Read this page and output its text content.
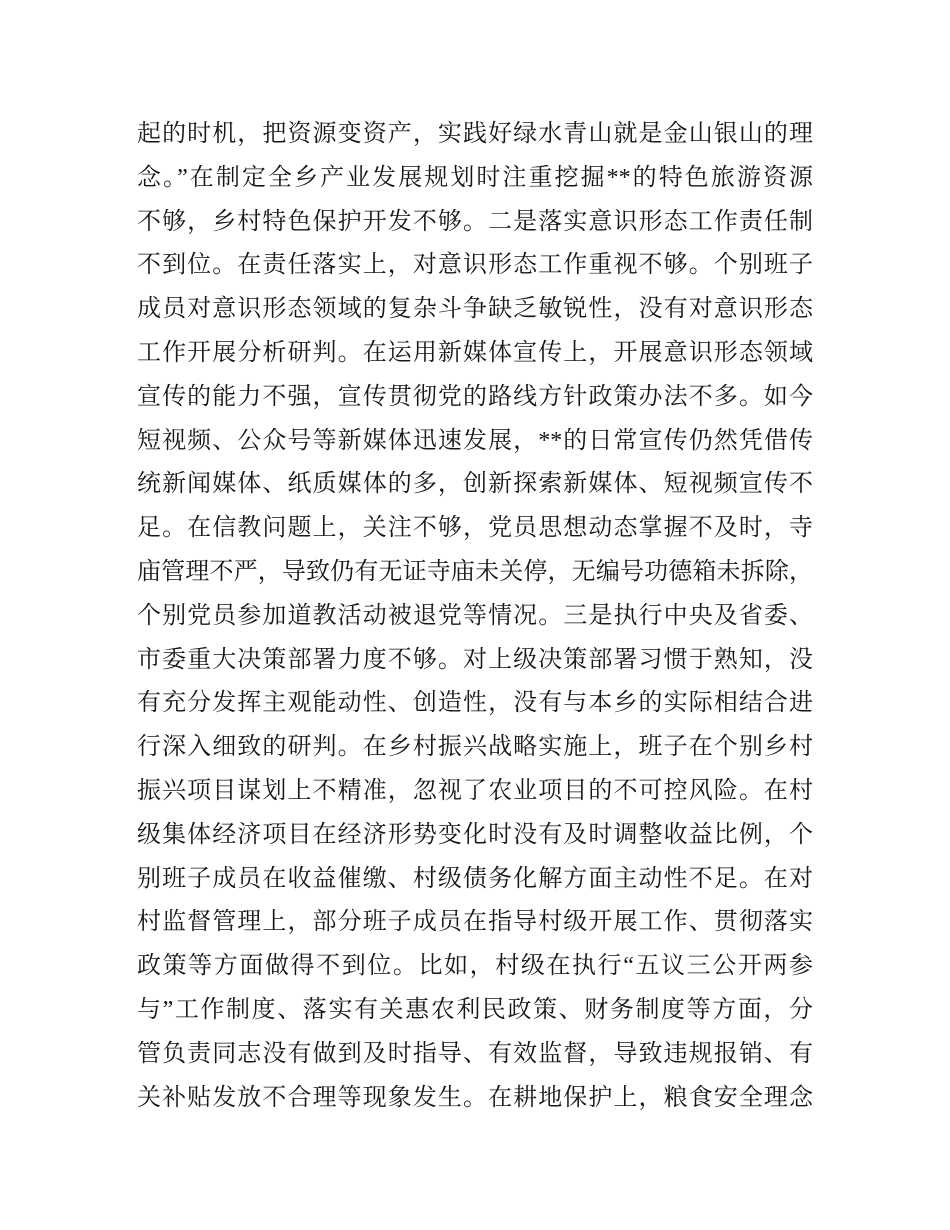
起的时机，把资源变资产，实践好绿水青山就是金山银山的理
念。”在制定全乡产业发展规划时注重挖掘**的特色旅游资源
不够，乡村特色保护开发不够。二是落实意识形态工作责任制
不到位。在责任落实上，对意识形态工作重视不够。个别班子
成员对意识形态领域的复杂斗争缺乏敏锐性，没有对意识形态
工作开展分析研判。在运用新媒体宣传上，开展意识形态领域
宣传的能力不强，宣传贯彻党的路线方针政策办法不多。如今
短视频、公众号等新媒体迅速发展，**的日常宣传仍然凭借传
统新闻媒体、纸质媒体的多，创新探索新媒体、短视频宣传不
足。在信教问题上，关注不够，党员思想动态掌握不及时，寺
庙管理不严，导致仍有无证寺庙未关停，无编号功德箱未拆除，
个别党员参加道教活动被退党等情况。三是执行中央及省委、
市委重大决策部署力度不够。对上级决策部署习惯于熟知，没
有充分发挥主观能动性、创造性，没有与本乡的实际相结合进
行深入细致的研判。在乡村振兴战略实施上，班子在个别乡村
振兴项目谋划上不精准，忽视了农业项目的不可控风险。在村
级集体经济项目在经济形势变化时没有及时调整收益比例，个
别班子成员在收益催缴、村级债务化解方面主动性不足。在对
村监督管理上，部分班子成员在指导村级开展工作、贯彻落实
政策等方面做得不到位。比如，村级在执行“五议三公开两参
与”工作制度、落实有关惠农利民政策、财务制度等方面，分
管负责同志没有做到及时指导、有效监督，导致违规报销、有
关补贴发放不合理等现象发生。在耕地保护上，粮食安全理念
